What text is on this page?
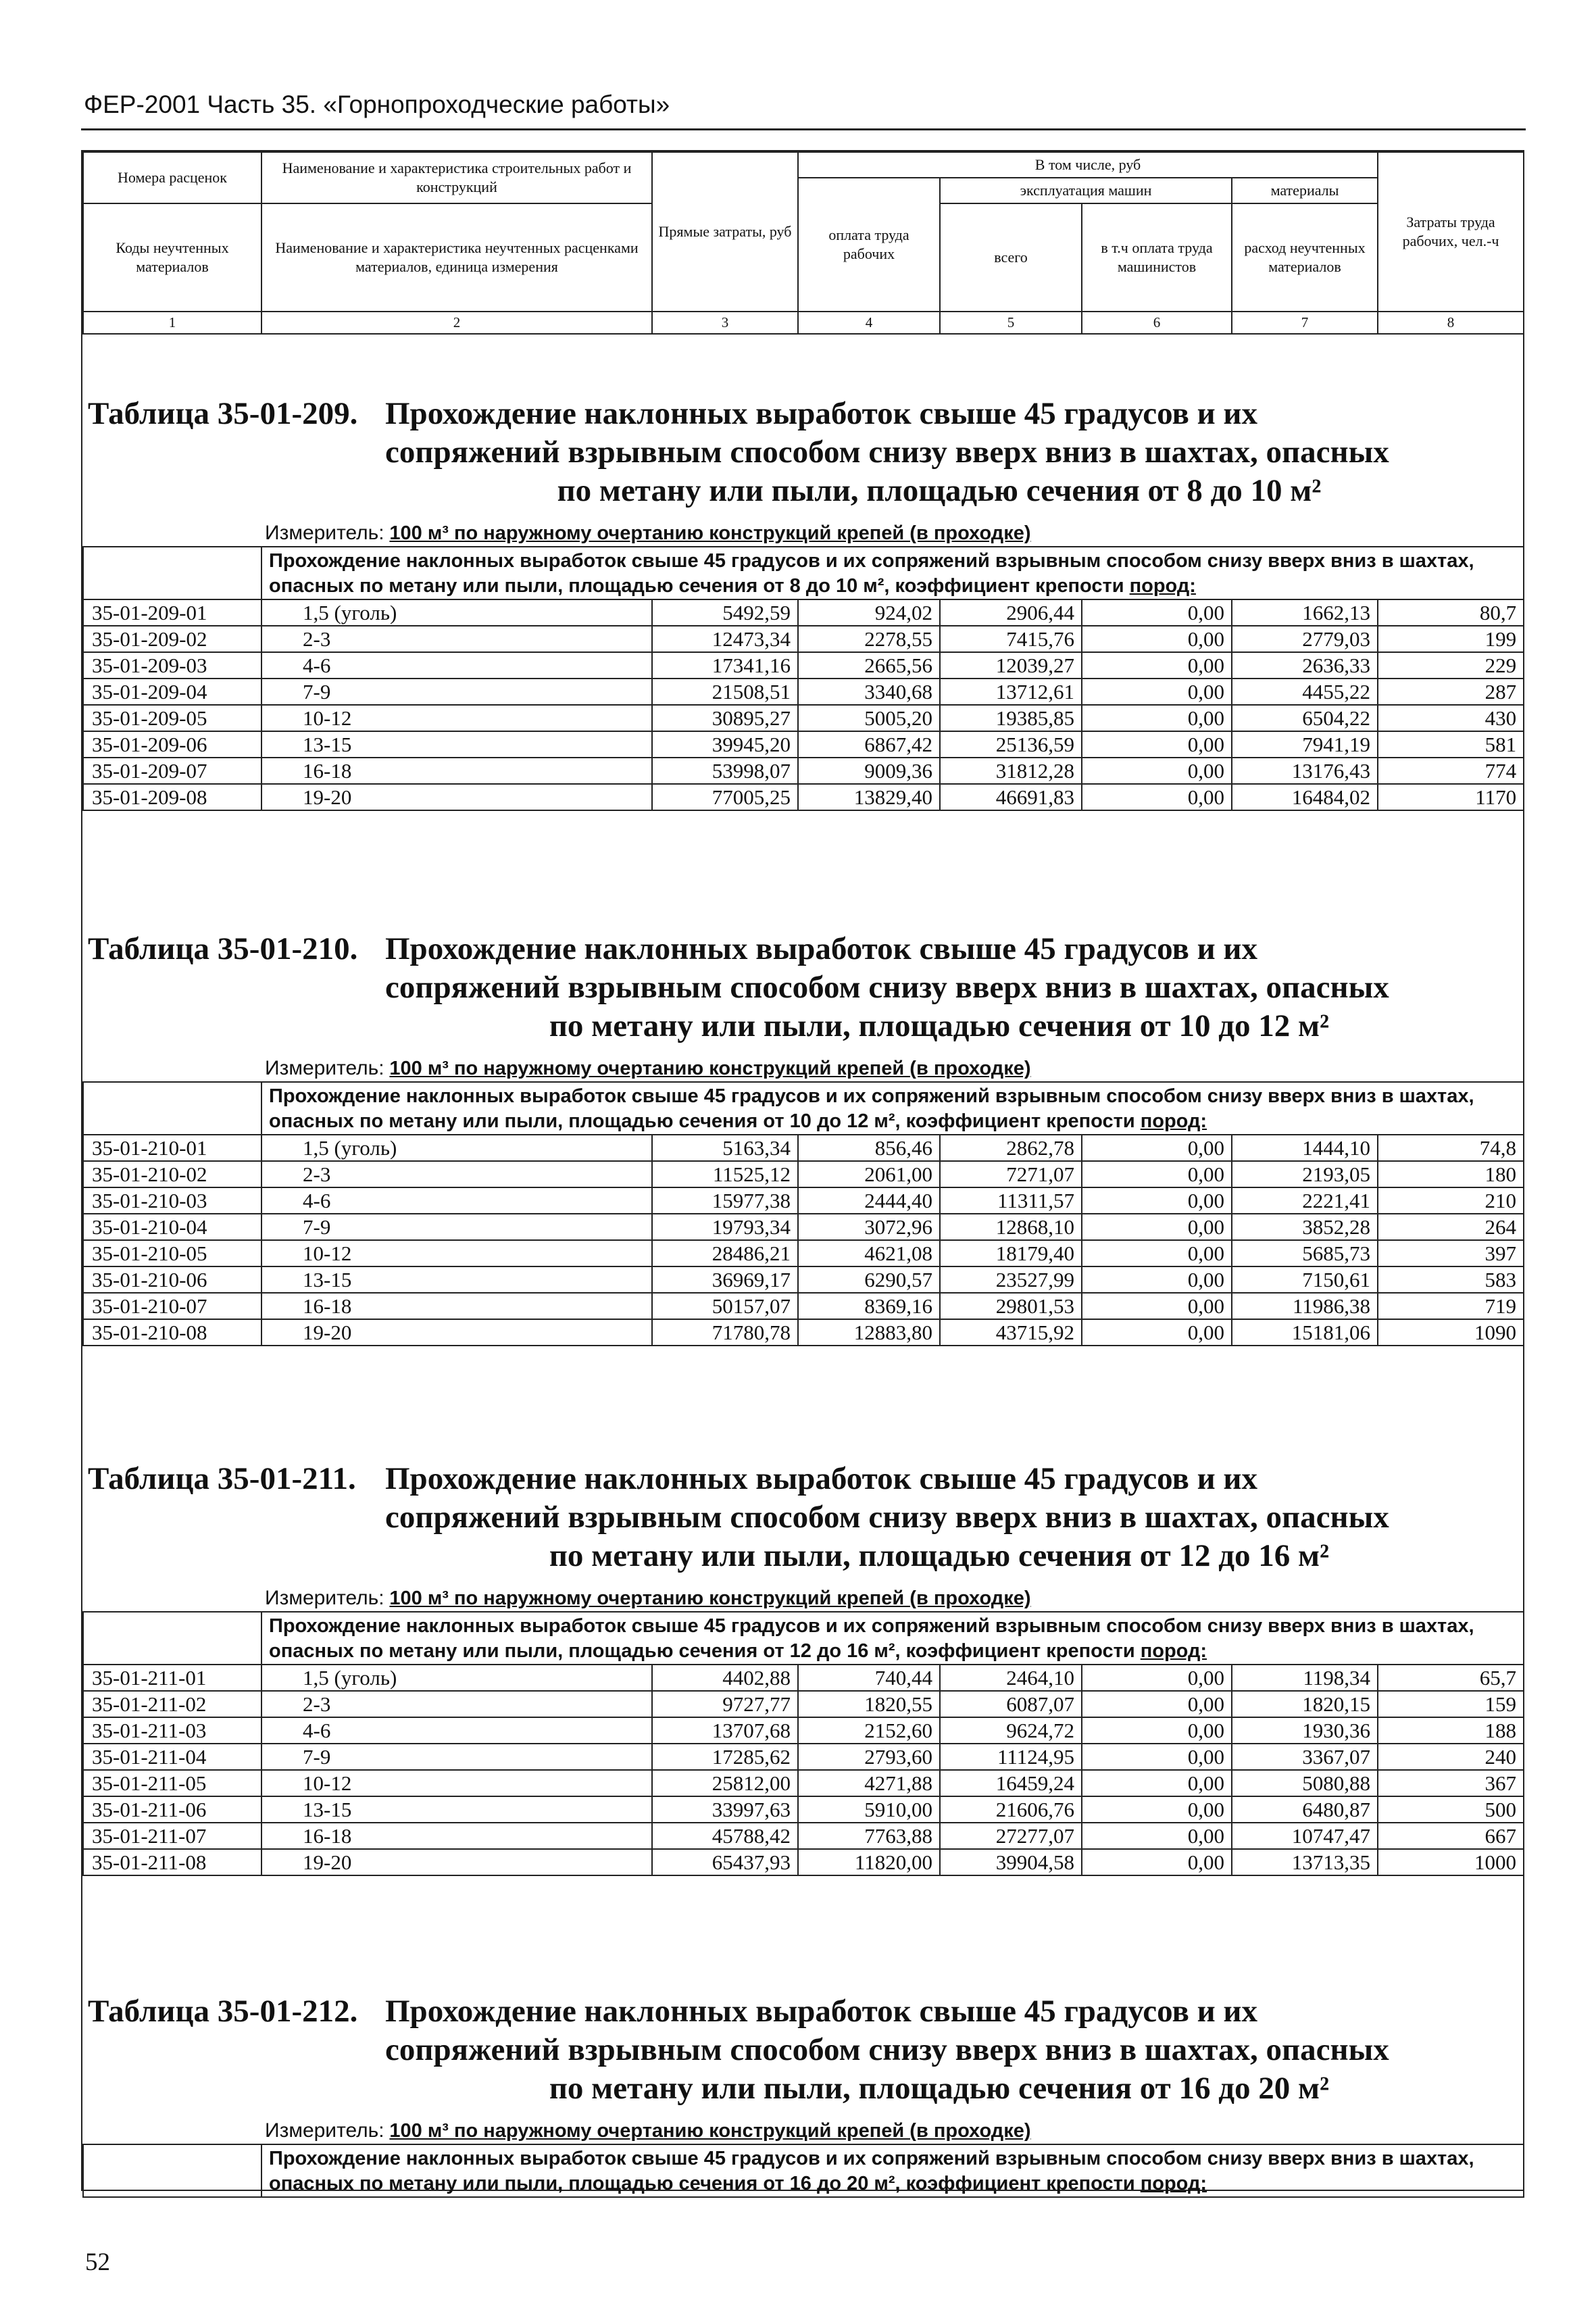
ФЕР-2001 Часть 35. «Горнопроходческие работы»
Номера расценок	Наименование и характеристика строительных работ и конструкций	Прямые затраты, руб	В том числе, руб				Затраты труда рабочих, чел.-ч
			оплата труда рабочих	эксплуатация машин		материалы	
Коды неучтенных материалов	Наименование и характеристика неучтенных расценками материалов, единица измерения			всего	в т.ч оплата труда машинистов	расход неучтенных материалов	

1	2	3	4	5	6	7	8
Таблица 35-01-209. Прохождение наклонных выработок свыше 45 градусов и их
сопряжений взрывным способом снизу вверх вниз в шахтах, опасных
по метану или пыли, площадью сечения от 8 до 10 м²
Измеритель: 100 м³ по наружному очертанию конструкций крепей (в проходке)
	Прохождение наклонных выработок свыше 45 градусов и их сопряжений взрывным способом снизу вверх вниз в шахтах, опасных по метану или пыли, площадью сечения от 8 до 10 м², коэффициент крепости пород:						
35-01-209-01	1,5 (уголь)	5492,59	924,02	2906,44	0,00	1662,13	80,7
35-01-209-02	2-3	12473,34	2278,55	7415,76	0,00	2779,03	199
35-01-209-03	4-6	17341,16	2665,56	12039,27	0,00	2636,33	229
35-01-209-04	7-9	21508,51	3340,68	13712,61	0,00	4455,22	287
35-01-209-05	10-12	30895,27	5005,20	19385,85	0,00	6504,22	430
35-01-209-06	13-15	39945,20	6867,42	25136,59	0,00	7941,19	581
35-01-209-07	16-18	53998,07	9009,36	31812,28	0,00	13176,43	774
35-01-209-08	19-20	77005,25	13829,40	46691,83	0,00	16484,02	1170
Таблица 35-01-210. Прохождение наклонных выработок свыше 45 градусов и их
сопряжений взрывным способом снизу вверх вниз в шахтах, опасных
по метану или пыли, площадью сечения от 10 до 12 м²
Измеритель: 100 м³ по наружному очертанию конструкций крепей (в проходке)
	Прохождение наклонных выработок свыше 45 градусов и их сопряжений взрывным способом снизу вверх вниз в шахтах, опасных по метану или пыли, площадью сечения от 10 до 12 м², коэффициент крепости пород:						
35-01-210-01	1,5 (уголь)	5163,34	856,46	2862,78	0,00	1444,10	74,8
35-01-210-02	2-3	11525,12	2061,00	7271,07	0,00	2193,05	180
35-01-210-03	4-6	15977,38	2444,40	11311,57	0,00	2221,41	210
35-01-210-04	7-9	19793,34	3072,96	12868,10	0,00	3852,28	264
35-01-210-05	10-12	28486,21	4621,08	18179,40	0,00	5685,73	397
35-01-210-06	13-15	36969,17	6290,57	23527,99	0,00	7150,61	583
35-01-210-07	16-18	50157,07	8369,16	29801,53	0,00	11986,38	719
35-01-210-08	19-20	71780,78	12883,80	43715,92	0,00	15181,06	1090
Таблица 35-01-211. Прохождение наклонных выработок свыше 45 градусов и их
сопряжений взрывным способом снизу вверх вниз в шахтах, опасных
по метану или пыли, площадью сечения от 12 до 16 м²
Измеритель: 100 м³ по наружному очертанию конструкций крепей (в проходке)
	Прохождение наклонных выработок свыше 45 градусов и их сопряжений взрывным способом снизу вверх вниз в шахтах, опасных по метану или пыли, площадью сечения от 12 до 16 м², коэффициент крепости пород:						
35-01-211-01	1,5 (уголь)	4402,88	740,44	2464,10	0,00	1198,34	65,7
35-01-211-02	2-3	9727,77	1820,55	6087,07	0,00	1820,15	159
35-01-211-03	4-6	13707,68	2152,60	9624,72	0,00	1930,36	188
35-01-211-04	7-9	17285,62	2793,60	11124,95	0,00	3367,07	240
35-01-211-05	10-12	25812,00	4271,88	16459,24	0,00	5080,88	367
35-01-211-06	13-15	33997,63	5910,00	21606,76	0,00	6480,87	500
35-01-211-07	16-18	45788,42	7763,88	27277,07	0,00	10747,47	667
35-01-211-08	19-20	65437,93	11820,00	39904,58	0,00	13713,35	1000
Таблица 35-01-212. Прохождение наклонных выработок свыше 45 градусов и их
сопряжений взрывным способом снизу вверх вниз в шахтах, опасных
по метану или пыли, площадью сечения от 16 до 20 м²
Измеритель: 100 м³ по наружному очертанию конструкций крепей (в проходке)
	Прохождение наклонных выработок свыше 45 градусов и их сопряжений взрывным способом снизу вверх вниз в шахтах, опасных по метану или пыли, площадью сечения от 16 до 20 м², коэффициент крепости пород:
52
